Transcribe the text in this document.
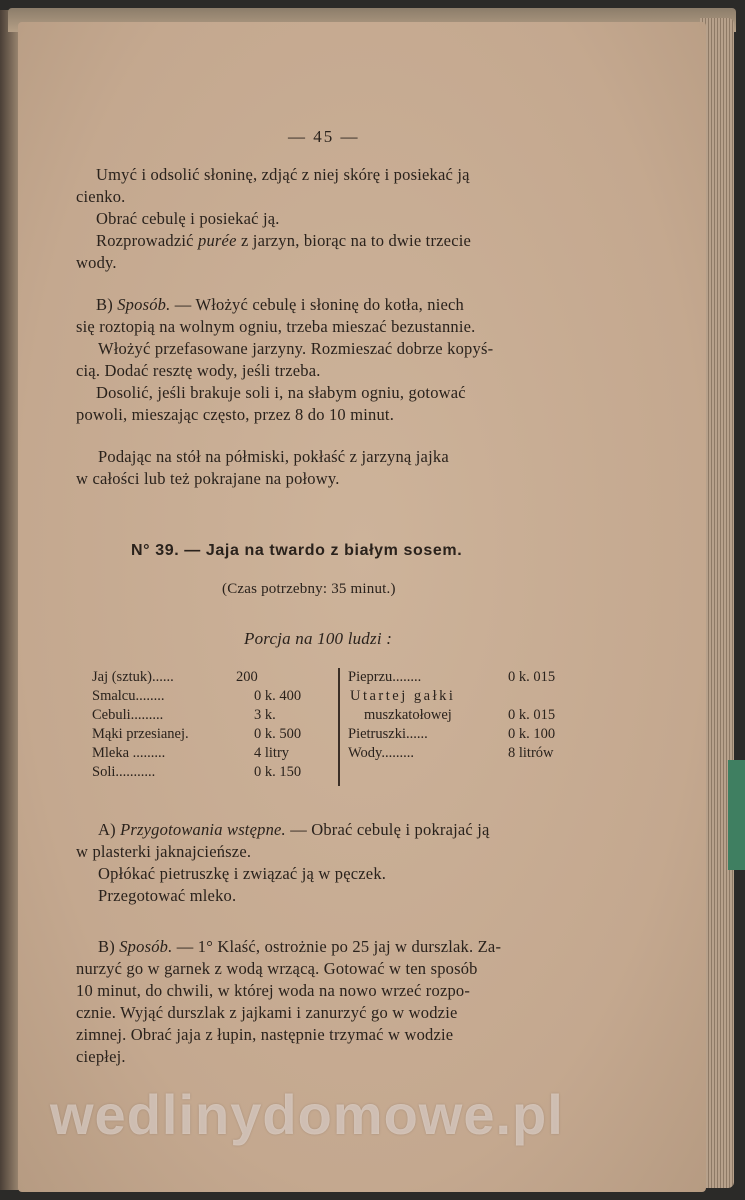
— 45 —
Umyć i odsolić słoninę, zdjąć z niej skórę i posiekać ją
cienko.
Obrać cebulę i posiekać ją.
Rozprowadzić purée z jarzyn, biorąc na to dwie trzecie
wody.
B) Sposób. — Włożyć cebulę i słoninę do kotła, niech
się roztopią na wolnym ogniu, trzeba mieszać bezustannie.
Włożyć przefasowane jarzyny. Rozmieszać dobrze kopyś-
cią. Dodać resztę wody, jeśli trzeba.
Dosolić, jeśli brakuje soli i, na słabym ogniu, gotować
powoli, mieszając często, przez 8 do 10 minut.
Podając na stół na półmiski, pokłaść z jarzyną jajka
w całości lub też pokrajane na połowy.
N° 39. — Jaja na twardo z białym sosem.
(Czas potrzebny: 35 minut.)
Porcja na 100 ludzi :
Jaj (sztuk)......	200
Smalcu........	0 k. 400
Cebuli.........	3 k.
Mąki przesianej.	0 k. 500
Mleka .........	4 litry
Soli...........	0 k. 150
Pieprzu........	0 k. 015
Utartej gałki
muszkatołowej	0 k. 015
Pietruszki......	0 k. 100
Wody.........	8 litrów
A) Przygotowania wstępne. — Obrać cebulę i pokrajać ją
w plasterki jaknajcieńsze.
Opłókać pietruszkę i związać ją w pęczek.
Przegotować mleko.
B) Sposób. — 1° Klaść, ostrożnie po 25 jaj w durszlak. Za-
nurzyć go w garnek z wodą wrzącą. Gotować w ten sposób
10 minut, do chwili, w której woda na nowo wrzeć rozpo-
cznie. Wyjąć durszlak z jajkami i zanurzyć go w wodzie
zimnej. Obrać jaja z łupin, następnie trzymać w wodzie
ciepłej.
wedlinydomowe.pl
